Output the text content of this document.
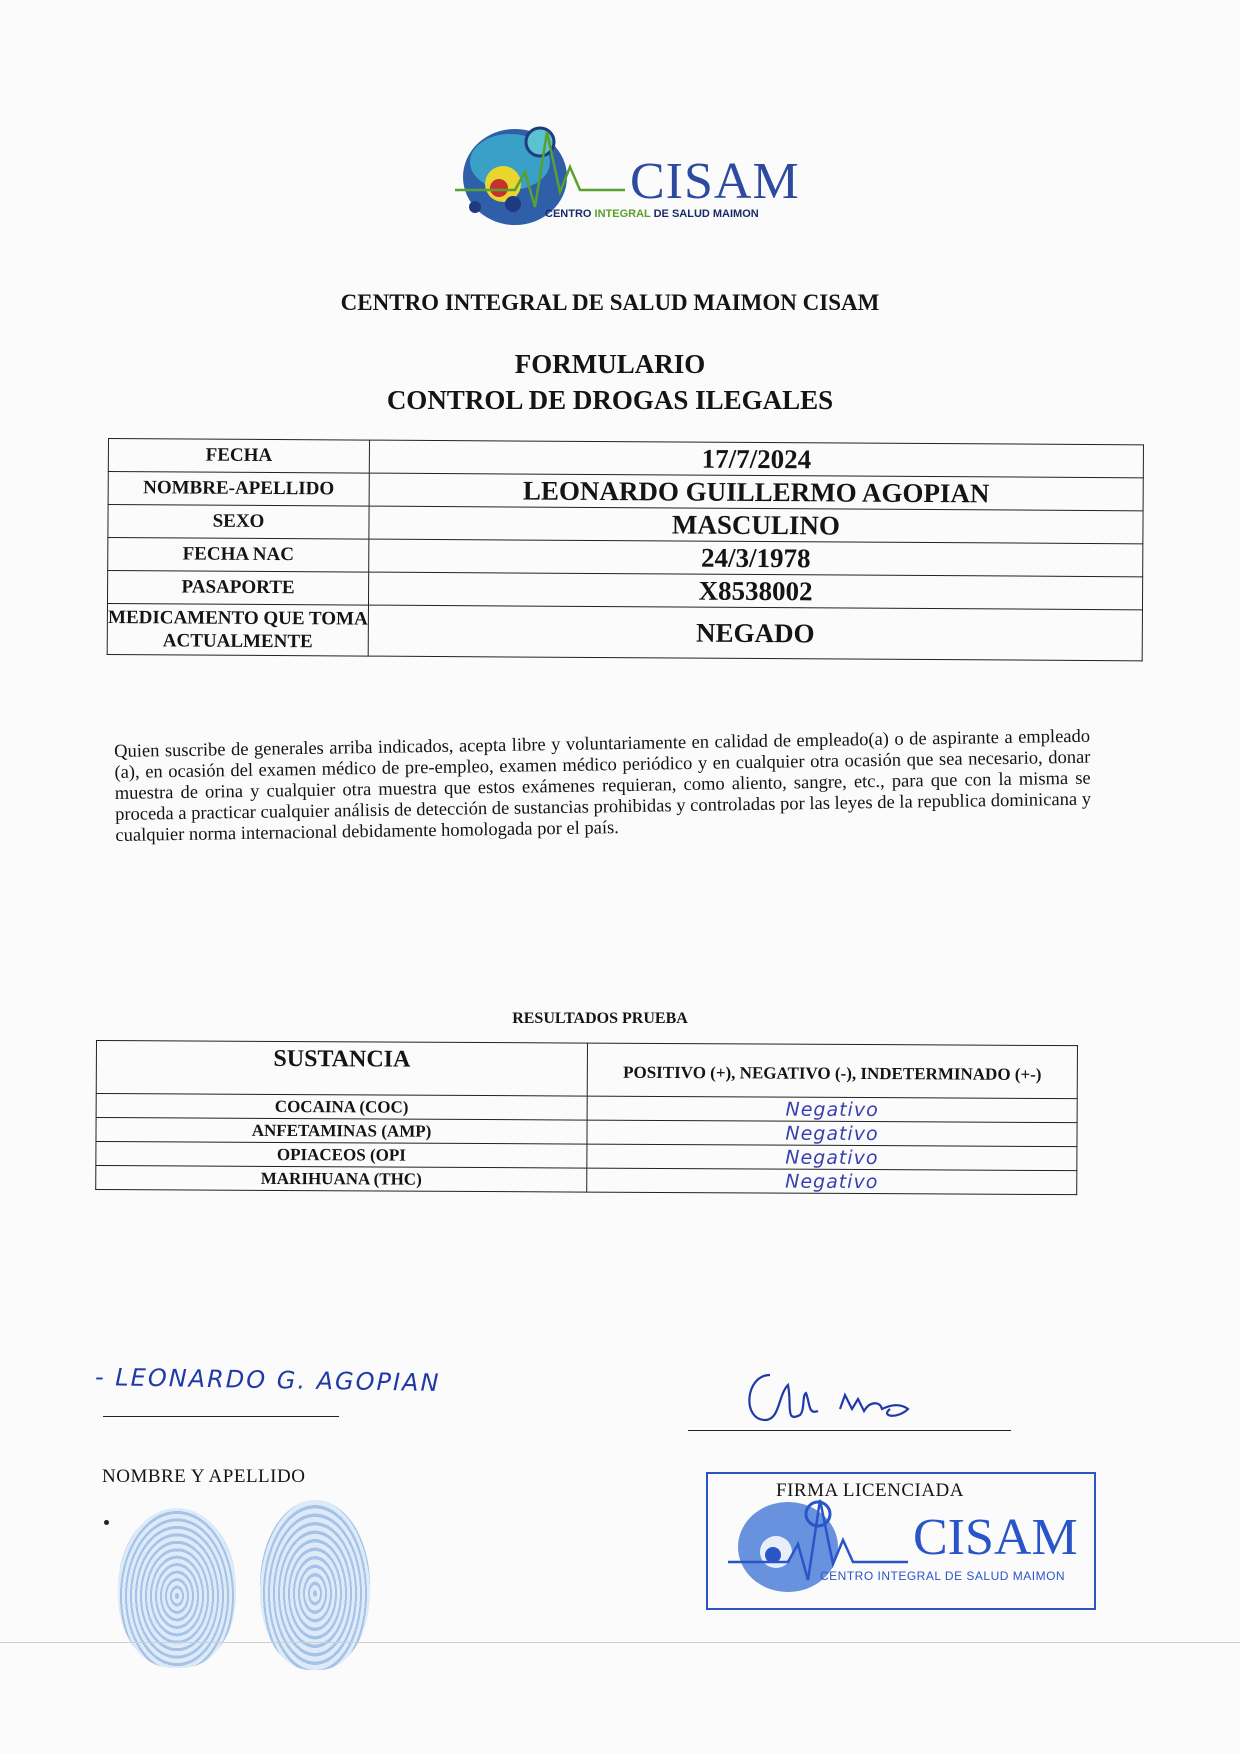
CISAM
CENTRO INTEGRAL DE SALUD MAIMON
CENTRO INTEGRAL DE SALUD MAIMON CISAM
FORMULARIO
CONTROL DE DROGAS ILEGALES
FECHA	17/7/2024
NOMBRE-APELLIDO	LEONARDO GUILLERMO AGOPIAN
SEXO	MASCULINO
FECHA NAC	24/3/1978
PASAPORTE	X8538002
MEDICAMENTO QUE TOMA ACTUALMENTE	NEGADO
Quien suscribe de generales arriba indicados, acepta libre y voluntariamente en calidad de empleado(a) o de aspirante a empleado (a), en ocasión del examen médico de pre-empleo, examen médico periódico y en cualquier otra ocasión que sea necesario, donar muestra de orina y cualquier otra muestra que estos exámenes requieran, como aliento, sangre, etc., para que con la misma se proceda a practicar cualquier análisis de detección de sustancias prohibidas y controladas por las leyes de la republica dominicana y cualquier norma internacional debidamente homologada por el país.
RESULTADOS PRUEBA
SUSTANCIA	POSITIVO (+), NEGATIVO (-), INDETERMINADO (+-)
COCAINA (COC)	Negativo
ANFETAMINAS (AMP)	Negativo
OPIACEOS (OPI	Negativo
MARIHUANA (THC)	Negativo
- LEONARDO G. AGOPIAN
NOMBRE Y APELLIDO
CISAM
CENTRO INTEGRAL DE SALUD MAIMON
FIRMA LICENCIADA
